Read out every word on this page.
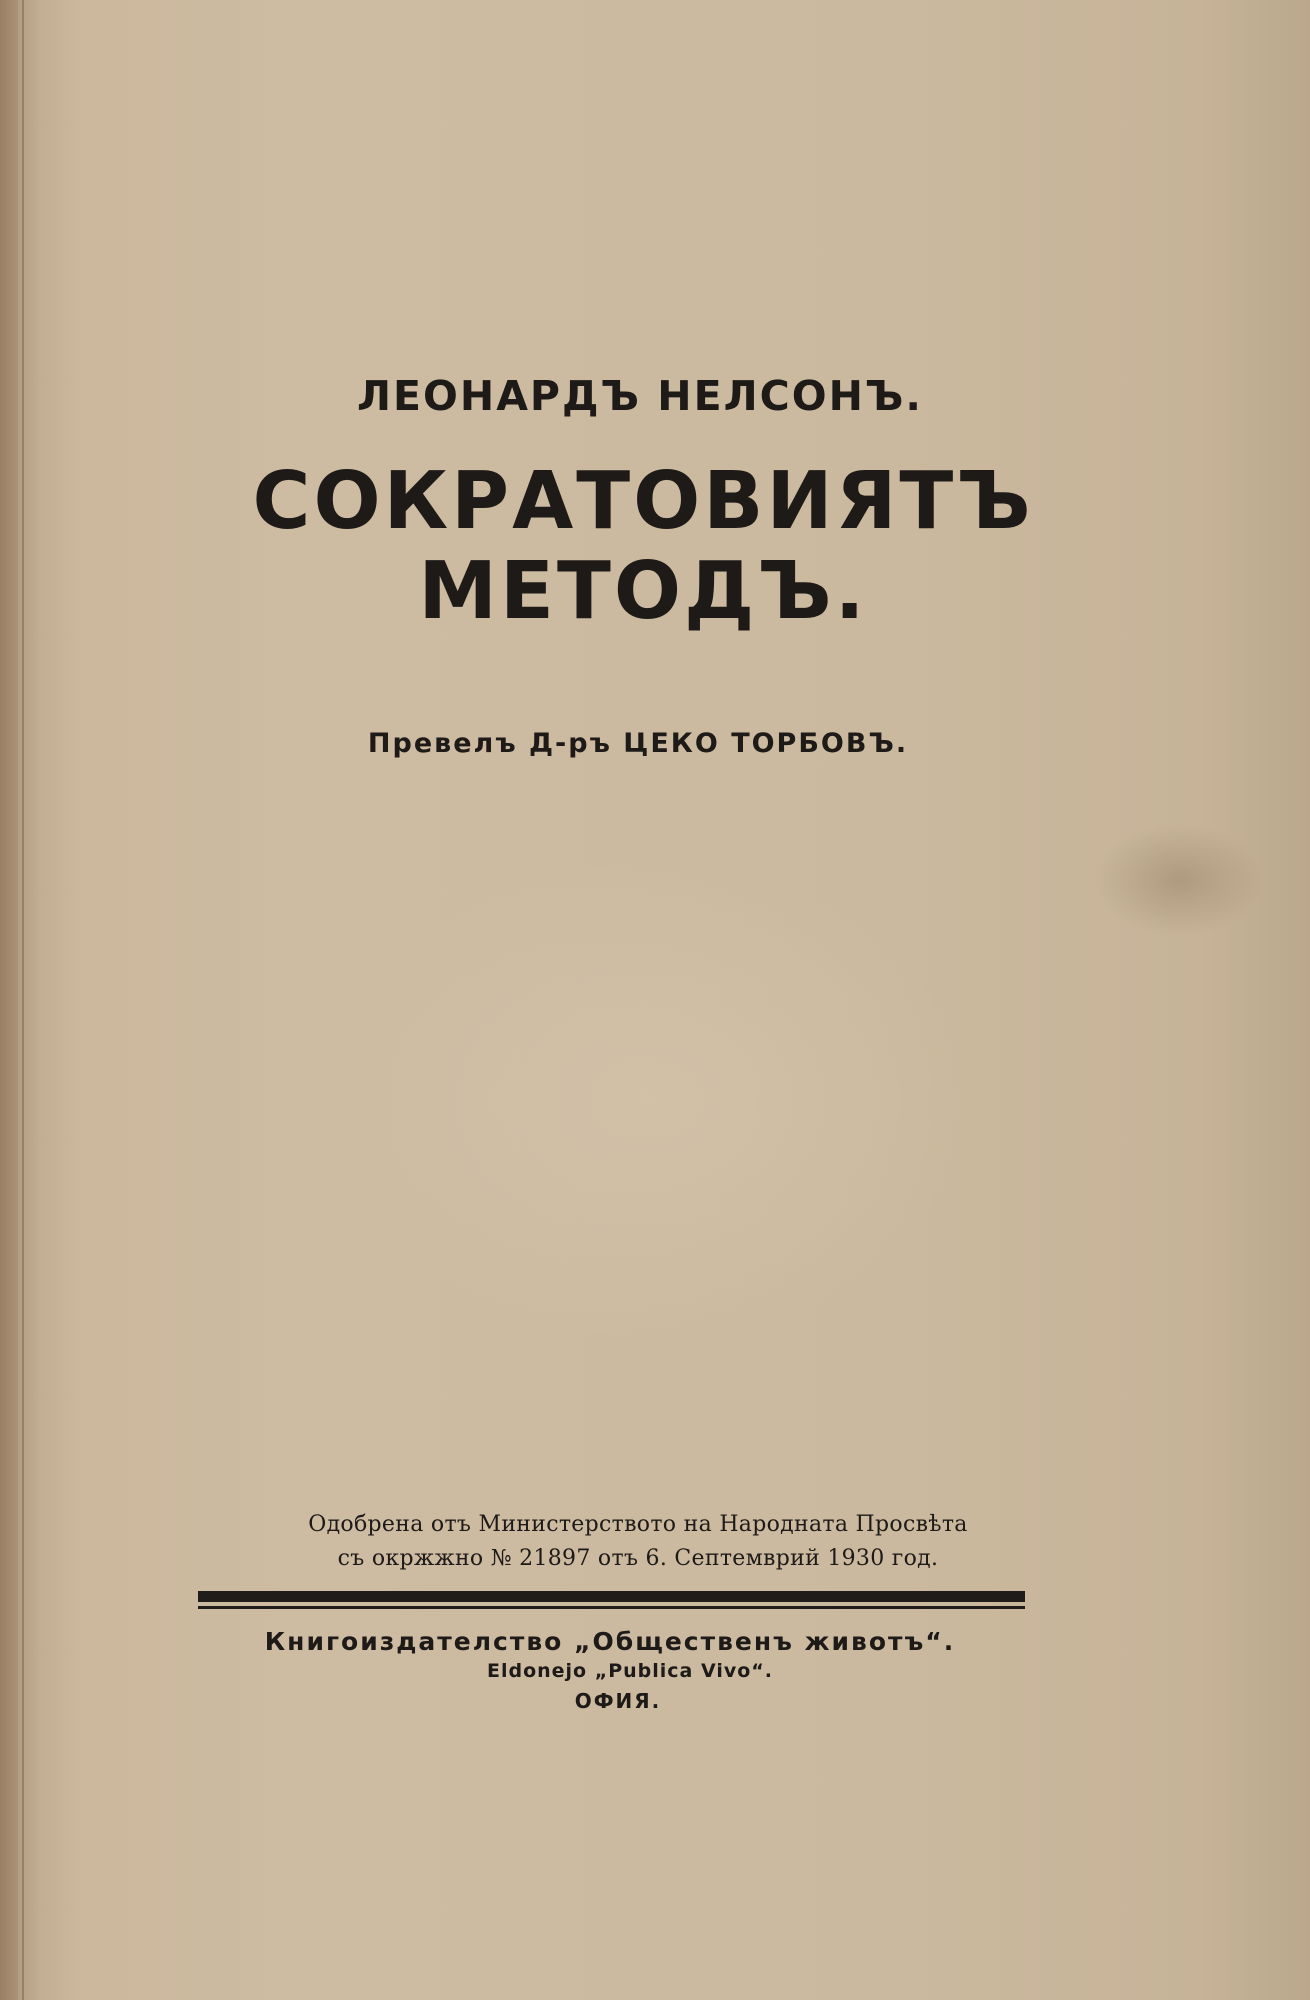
ЛЕОНАРДЪ НЕЛСОНЪ.
СОКРАТОВИЯТЪ
МЕТОДЪ.
Превелъ Д-ръ ЦЕКО ТОРБОВЪ.
Одобрена отъ Министерството на Народната Просвѣта
съ окржжно № 21897 отъ 6. Септемврий 1930 год.
Книгоиздателство „Общественъ животъ“.
Eldonejo „Publica Vivo“.
ОФИЯ.
